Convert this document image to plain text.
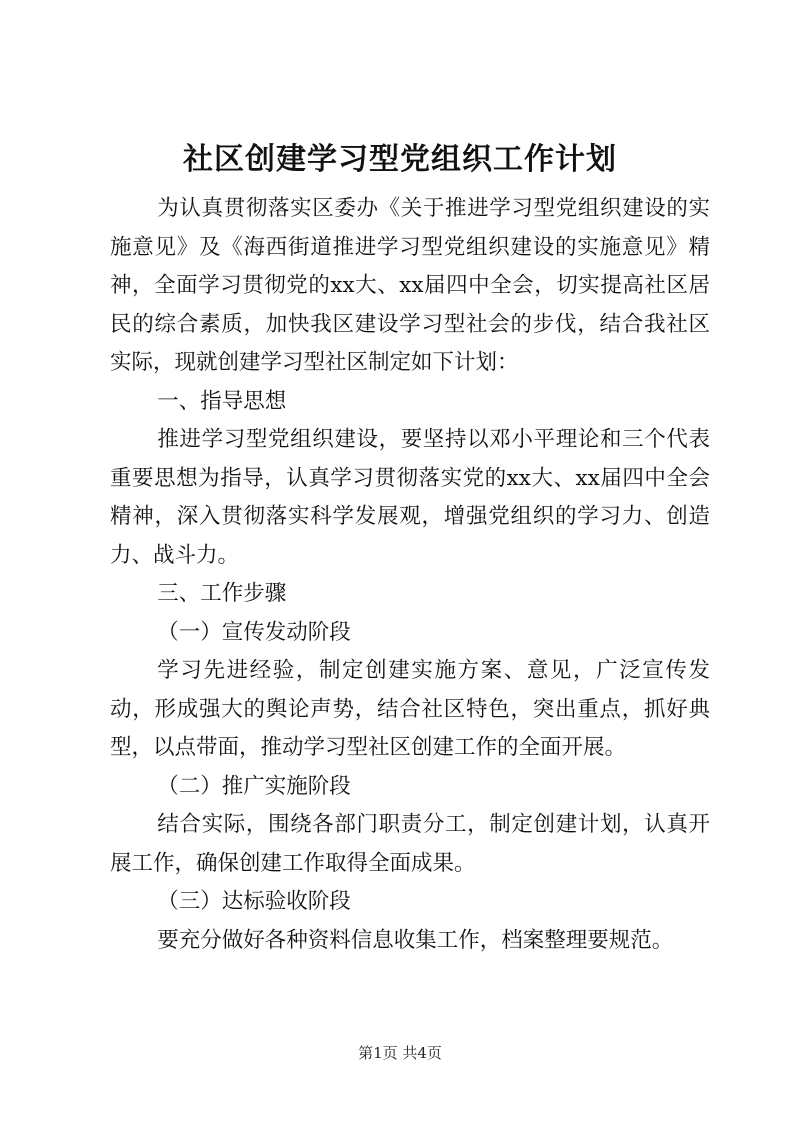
社区创建学习型党组织工作计划

为认真贯彻落实区委办《关于推进学习型党组织建设的实施意见》及《海西街道推进学习型党组织建设的实施意见》精神，全面学习贯彻党的xx大、xx届四中全会，切实提高社区居民的综合素质，加快我区建设学习型社会的步伐，结合我社区实际，现就创建学习型社区制定如下计划：

一、指导思想

推进学习型党组织建设，要坚持以邓小平理论和三个代表重要思想为指导，认真学习贯彻落实党的xx大、xx届四中全会精神，深入贯彻落实科学发展观，增强党组织的学习力、创造力、战斗力。

三、工作步骤

（一）宣传发动阶段

学习先进经验，制定创建实施方案、意见，广泛宣传发动，形成强大的舆论声势，结合社区特色，突出重点，抓好典型，以点带面，推动学习型社区创建工作的全面开展。

（二）推广实施阶段

结合实际，围绕各部门职责分工，制定创建计划，认真开展工作，确保创建工作取得全面成果。

（三）达标验收阶段

要充分做好各种资料信息收集工作，档案整理要规范。

第1页 共4页
